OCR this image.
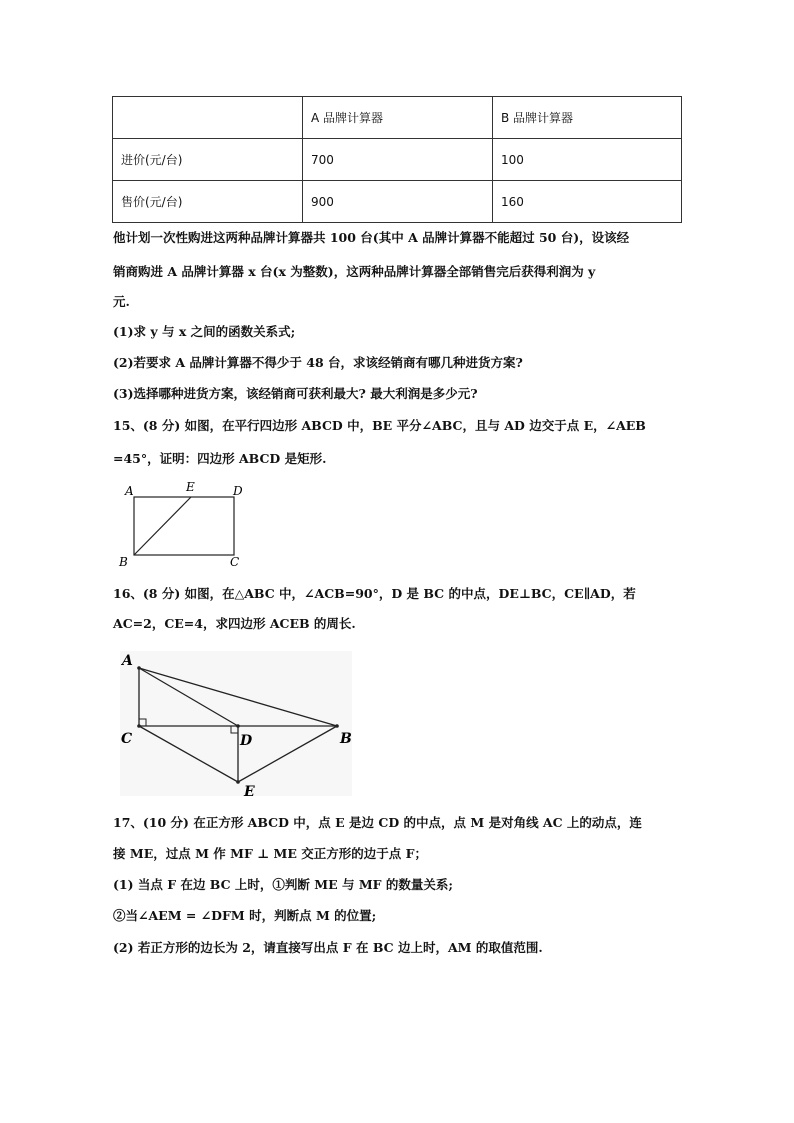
	A 品牌计算器	B 品牌计算器
进价(元/台)	700	100
售价(元/台)	900	160
他计划一次性购进这两种品牌计算器共 100 台(其中 A 品牌计算器不能超过 50 台)，设该经
销商购进 A 品牌计算器 x 台(x 为整数)，这两种品牌计算器全部销售完后获得利润为 y
元.
(1)求 y 与 x 之间的函数关系式;
(2)若要求 A 品牌计算器不得少于 48 台，求该经销商有哪几种进货方案?
(3)选择哪种进货方案，该经销商可获利最大? 最大利润是多少元?
15、(8 分) 如图，在平行四边形 ABCD 中，BE 平分∠ABC，且与 AD 边交于点 E，∠AEB
=45°，证明：四边形 ABCD 是矩形.
A	E	D
B	C
16、(8 分) 如图，在△ABC 中，∠ACB=90°，D 是 BC 的中点，DE⊥BC，CE∥AD，若
AC=2，CE=4，求四边形 ACEB 的周长.
A
C	D	B
E
17、(10 分) 在正方形 ABCD 中，点 E 是边 CD 的中点，点 M 是对角线 AC 上的动点，连
接 ME，过点 M 作 MF ⊥ ME 交正方形的边于点 F；
(1) 当点 F 在边 BC 上时，①判断 ME 与 MF 的数量关系;
②当∠AEM = ∠DFM 时，判断点 M 的位置;
(2) 若正方形的边长为 2，请直接写出点 F 在 BC 边上时，AM 的取值范围.
